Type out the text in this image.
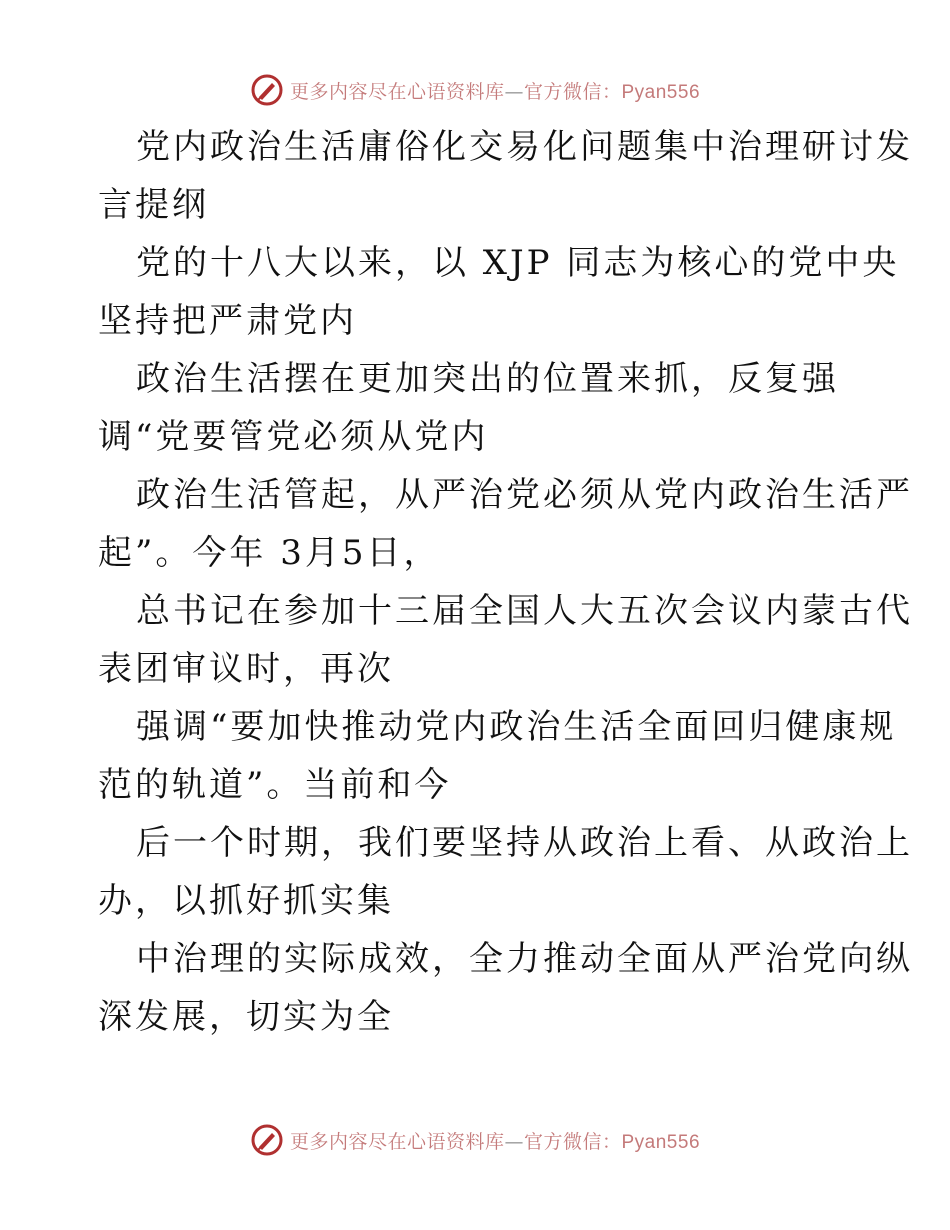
更多内容尽在心语资料库—官方微信：Pyan556
党内政治生活庸俗化交易化问题集中治理研讨发
言提纲
党的十八大以来，以 XJP 同志为核心的党中央
坚持把严肃党内
政治生活摆在更加突出的位置来抓，反复强
调“党要管党必须从党内
政治生活管起，从严治党必须从党内政治生活严
起”。今年 3月5日，
总书记在参加十三届全国人大五次会议内蒙古代
表团审议时，再次
强调“要加快推动党内政治生活全面回归健康规
范的轨道”。当前和今
后一个时期，我们要坚持从政治上看、从政治上
办，以抓好抓实集
中治理的实际成效，全力推动全面从严治党向纵
深发展，切实为全
更多内容尽在心语资料库—官方微信：Pyan556
